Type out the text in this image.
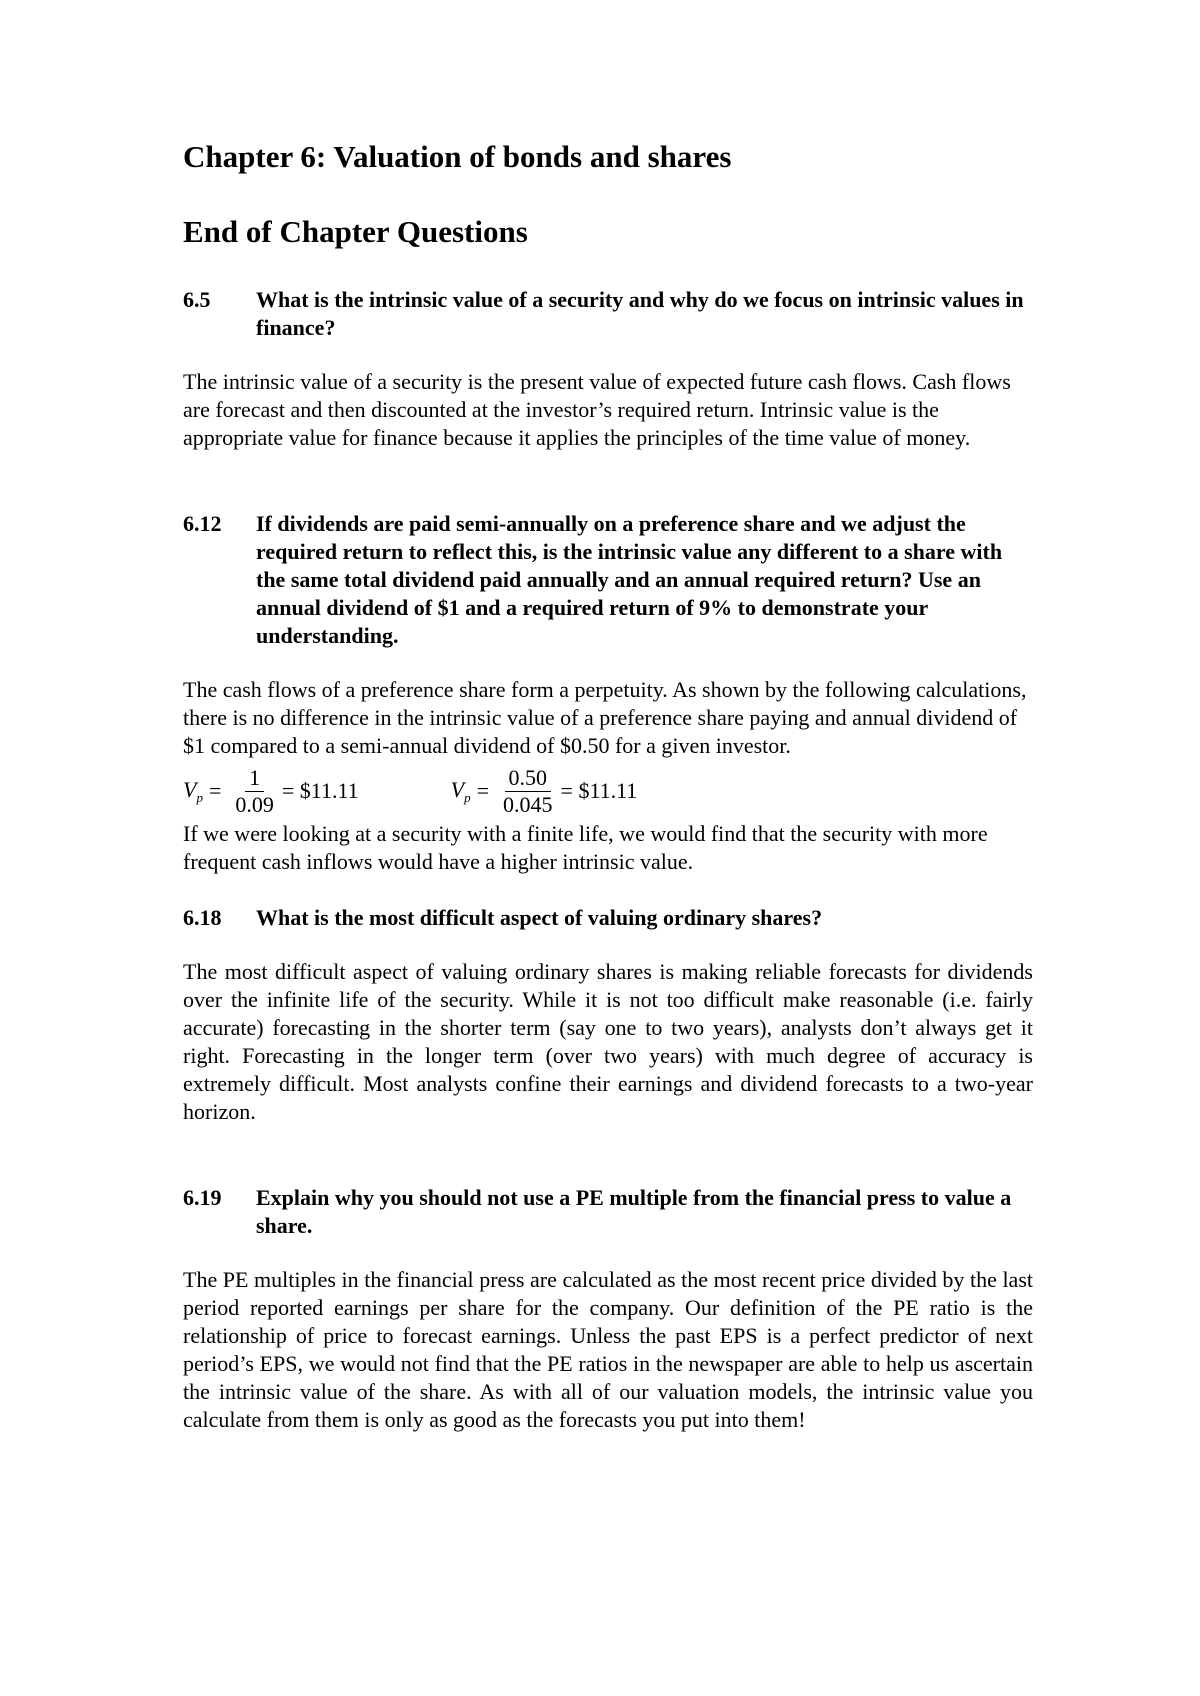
Chapter 6: Valuation of bonds and shares
End of Chapter Questions
6.5	What is the intrinsic value of a security and why do we focus on intrinsic values in finance?

The intrinsic value of a security is the present value of expected future cash flows. Cash flows are forecast and then discounted at the investor’s required return. Intrinsic value is the appropriate value for finance because it applies the principles of the time value of money.

6.12	If dividends are paid semi-annually on a preference share and we adjust the required return to reflect this, is the intrinsic value any different to a share with the same total dividend paid annually and an annual required return? Use an annual dividend of $1 and a required return of 9% to demonstrate your understanding.

The cash flows of a preference share form a perpetuity. As shown by the following calculations, there is no difference in the intrinsic value of a preference share paying and annual dividend of $1 compared to a semi-annual dividend of $0.50 for a given investor.

$V_p = \frac{1}{0.09}$ = $11.11	$V_p = \frac{0.50}{0.045}$ = $11.11

If we were looking at a security with a finite life, we would find that the security with more frequent cash inflows would have a higher intrinsic value.

6.18	What is the most difficult aspect of valuing ordinary shares?

The most difficult aspect of valuing ordinary shares is making reliable forecasts for dividends over the infinite life of the security. While it is not too difficult make reasonable (i.e. fairly accurate) forecasting in the shorter term (say one to two years), analysts don’t always get it right. Forecasting in the longer term (over two years) with much degree of accuracy is extremely difficult. Most analysts confine their earnings and dividend forecasts to a two-year horizon.

6.19	Explain why you should not use a PE multiple from the financial press to value a share.

The PE multiples in the financial press are calculated as the most recent price divided by the last period reported earnings per share for the company. Our definition of the PE ratio is the relationship of price to forecast earnings. Unless the past EPS is a perfect predictor of next period’s EPS, we would not find that the PE ratios in the newspaper are able to help us ascertain the intrinsic value of the share. As with all of our valuation models, the intrinsic value you calculate from them is only as good as the forecasts you put into them!
